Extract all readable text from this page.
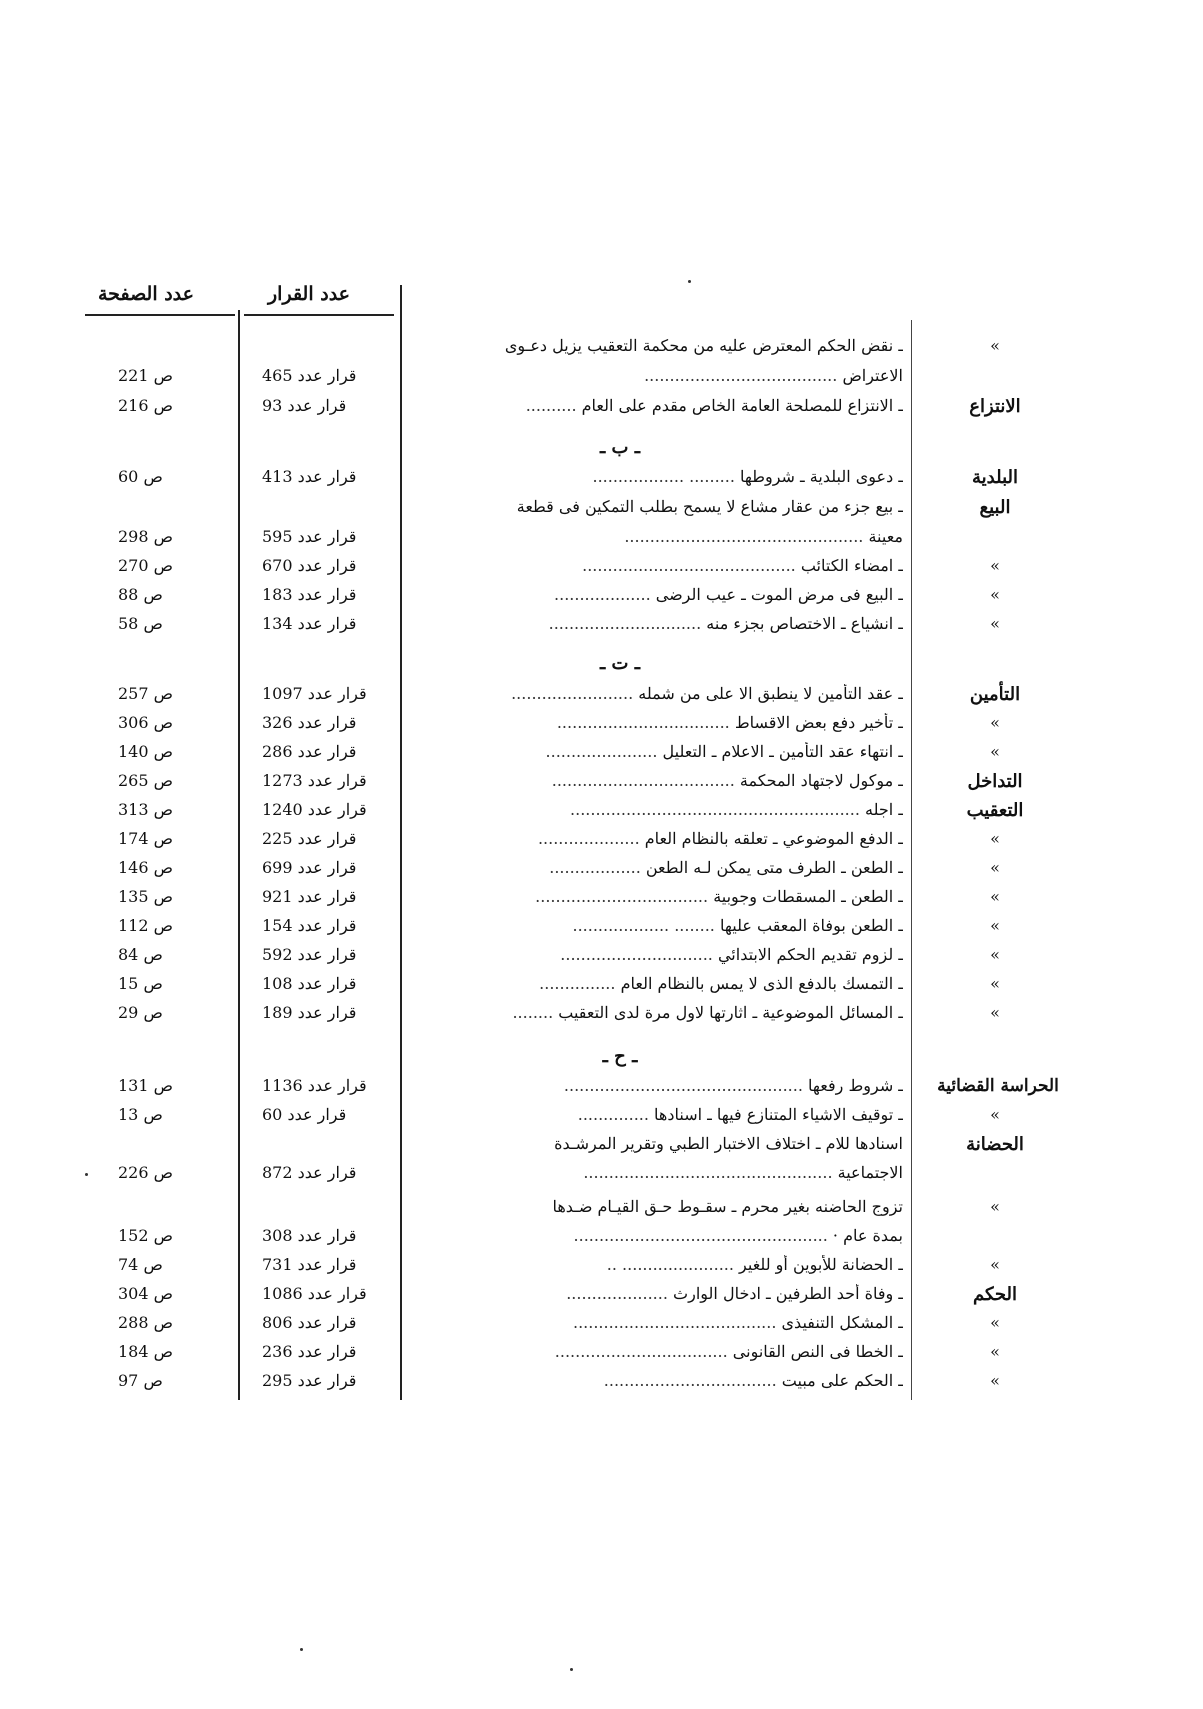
عدد الصفحة	عدد القرار
ـ ب ـ
ـ ت ـ
ـ ح ـ
»
ـ نقض الحكم المعترض عليه من محكمة التعقيب يزيل دعـوى
الاعتراض ......................................
قرار عدد 465
ص 221
الانتزاع
ـ الانتزاع للمصلحة العامة الخاص مقدم على العام ..........
قرار عدد 93
ص 216
البلدية
ـ دعوى البلدية ـ شروطها ......... ..................
قرار عدد 413
ص 60
البيع
ـ بيع جزء من عقار مشاع لا يسمح بطلب التمكين فى قطعة
معينة ...............................................
قرار عدد 595
ص 298
»
ـ امضاء الكتائب ..........................................
قرار عدد 670
ص 270
»
ـ البيع فى مرض الموت ـ عيب الرضى ...................
قرار عدد 183
ص 88
»
ـ انشياع ـ الاختصاص بجزء منه ..............................
قرار عدد 134
ص 58
التأمين
ـ عقد التأمين لا ينطبق الا على من شمله ........................
قرار عدد 1097
ص 257
»
ـ تأخير دفع بعض الاقساط ..................................
قرار عدد 326
ص 306
»
ـ انتهاء عقد التأمين ـ الاعلام ـ التعليل ......................
قرار عدد 286
ص 140
التداخل
ـ موكول لاجتهاد المحكمة ....................................
قرار عدد 1273
ص 265
التعقيب
ـ اجله .........................................................
قرار عدد 1240
ص 313
»
ـ الدفع الموضوعي ـ تعلقه بالنظام العام ....................
قرار عدد 225
ص 174
»
ـ الطعن ـ الطرف متى يمكن لـه الطعن ..................
قرار عدد 699
ص 146
»
ـ الطعن ـ المسقطات وجوبية ..................................
قرار عدد 921
ص 135
»
ـ الطعن بوفاة المعقب عليها ........ ...................
قرار عدد 154
ص 112
»
ـ لزوم تقديم الحكم الابتدائي ..............................
قرار عدد 592
ص 84
»
ـ التمسك بالدفع الذى لا يمس بالنظام العام ...............
قرار عدد 108
ص 15
»
ـ المسائل الموضوعية ـ اثارتها لاول مرة لدى التعقيب ........
قرار عدد 189
ص 29
الحراسة القضائية
ـ شروط رفعها ...............................................
قرار عدد 1136
ص 131
»
ـ توقيف الاشياء المتنازع فيها ـ اسنادها ..............
قرار عدد 60
ص 13
الحضانة
اسنادها للام ـ اختلاف الاختبار الطبي وتقرير المرشـدة
الاجتماعية .................................................
قرار عدد 872
ص 226
»
تزوج الحاضنه بغير محرم ـ سقـوط حـق القيـام ضـدها
بمدة عام · ..................................................
قرار عدد 308
ص 152
»
ـ الحضانة للأبوين أو للغير ...................... ..
قرار عدد 731
ص 74
الحكم
ـ وفاة أحد الطرفين ـ ادخال الوارث ....................
قرار عدد 1086
ص 304
»
ـ المشكل التنفيذى ........................................
قرار عدد 806
ص 288
»
ـ الخطا فى النص القانونى ..................................
قرار عدد 236
ص 184
»
ـ الحكم على مبيت ..................................
قرار عدد 295
ص 97
